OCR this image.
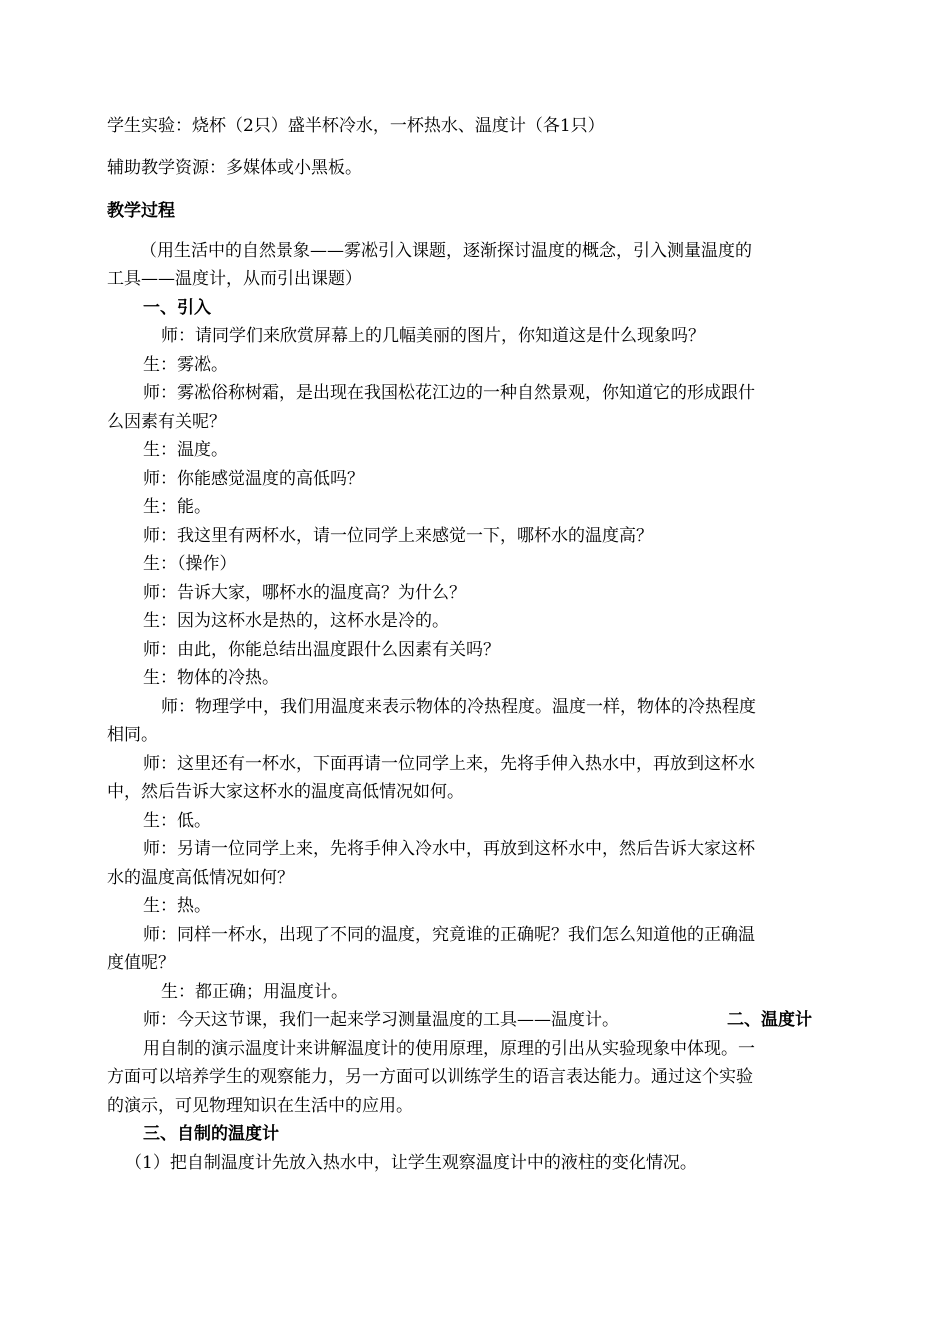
学生实验：烧杯（2只）盛半杯冷水，一杯热水、温度计（各1只）
辅助教学资源：多媒体或小黑板。
教学过程
（用生活中的自然景象——雾凇引入课题，逐渐探讨温度的概念，引入测量温度的
工具——温度计，从而引出课题）
一、引入
师：请同学们来欣赏屏幕上的几幅美丽的图片，你知道这是什么现象吗？
生：雾凇。
师：雾凇俗称树霜，是出现在我国松花江边的一种自然景观，你知道它的形成跟什
么因素有关呢？
生：温度。
师：你能感觉温度的高低吗？
生：能。
师：我这里有两杯水，请一位同学上来感觉一下，哪杯水的温度高？
生：（操作）
师：告诉大家，哪杯水的温度高？为什么？
生：因为这杯水是热的，这杯水是冷的。
师：由此，你能总结出温度跟什么因素有关吗？
生：物体的冷热。
师：物理学中，我们用温度来表示物体的冷热程度。温度一样，物体的冷热程度
相同。
师：这里还有一杯水，下面再请一位同学上来，先将手伸入热水中，再放到这杯水
中，然后告诉大家这杯水的温度高低情况如何。
生：低。
师：另请一位同学上来，先将手伸入冷水中，再放到这杯水中，然后告诉大家这杯
水的温度高低情况如何？
生：热。
师：同样一杯水，出现了不同的温度，究竟谁的正确呢？我们怎么知道他的正确温
度值呢？
生：都正确；用温度计。
师：今天这节课，我们一起来学习测量温度的工具——温度计。	二、温度计
用自制的演示温度计来讲解温度计的使用原理，原理的引出从实验现象中体现。一
方面可以培养学生的观察能力，另一方面可以训练学生的语言表达能力。通过这个实验
的演示，可见物理知识在生活中的应用。
三、自制的温度计
（1）把自制温度计先放入热水中，让学生观察温度计中的液柱的变化情况。
